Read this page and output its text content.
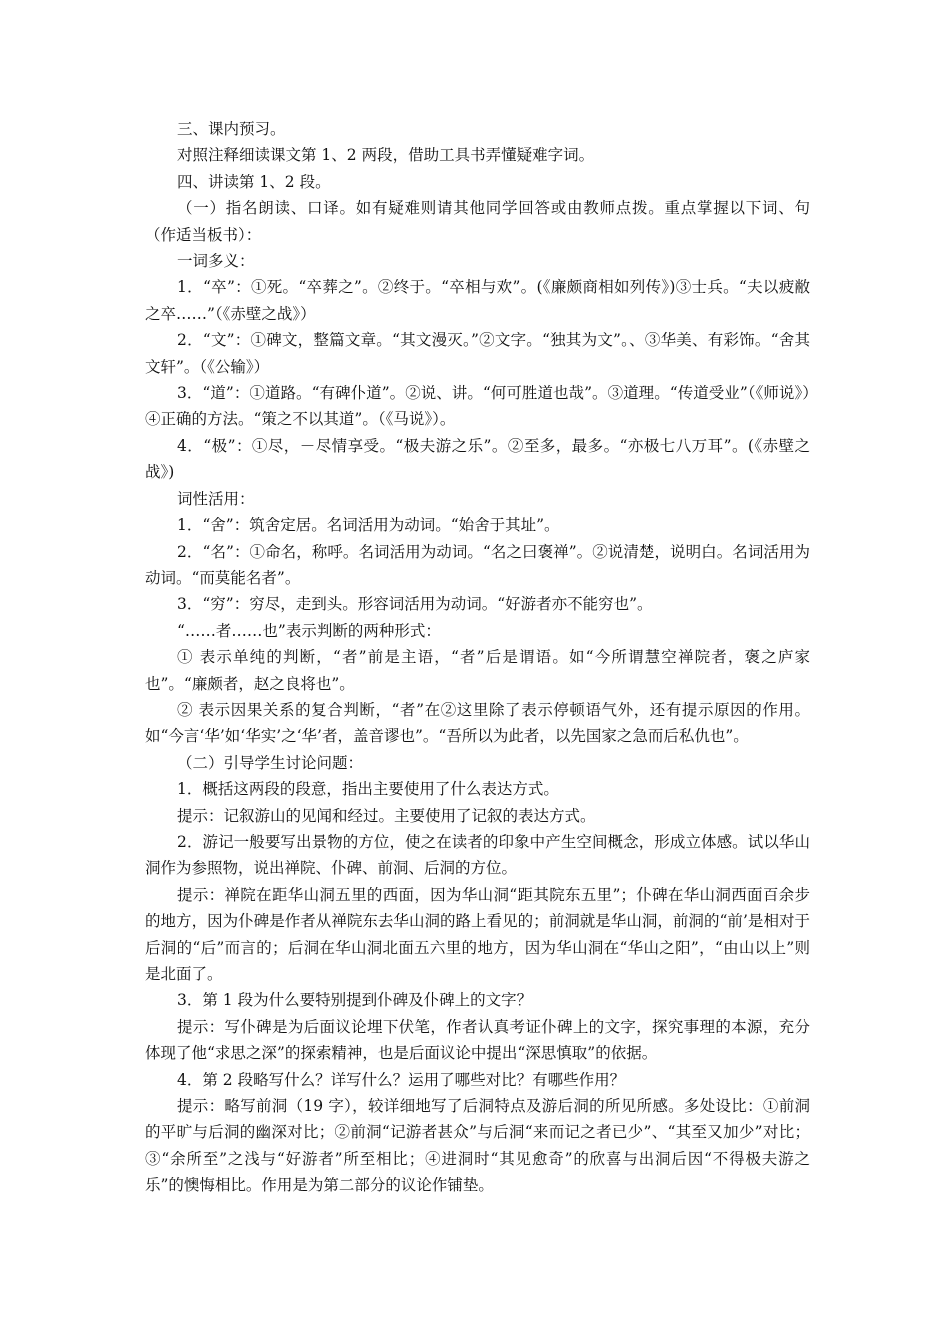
三、课内预习。

对照注释细读课文第 1、2 两段，借助工具书弄懂疑难字词。

四、讲读第 1、2 段。

（一）指名朗读、口译。如有疑难则请其他同学回答或由教师点拨。重点掌握以下词、句（作适当板书）：

一词多义：

1．“卒”：①死。“卒葬之”。②终于。“卒相与欢”。(《廉颇商相如列传》)③士兵。“夫以疲敝之卒……”（《赤壁之战》）

2．“文”：①碑文，整篇文章。“其文漫灭。”②文字。“独其为文”。、③华美、有彩饰。“舍其文轩”。（《公输》）

3．“道”：①道路。“有碑仆道”。②说、讲。“何可胜道也哉”。③道理。“传道受业”（《师说》）④正确的方法。“策之不以其道”。（《马说》）。

4．“极”：①尽，－尽情享受。“极夫游之乐”。②至多，最多。“亦极七八万耳”。(《赤壁之战》)

词性活用：

1．“舍”：筑舍定居。名词活用为动词。“始舍于其址”。

2．“名”：①命名，称呼。名词活用为动词。“名之曰褒禅”。②说清楚，说明白。名词活用为动词。“而莫能名者”。

3．“穷”：穷尽，走到头。形容词活用为动词。“好游者亦不能穷也”。

“……者……也”表示判断的两种形式：

① 表示单纯的判断，“者”前是主语，“者”后是谓语。如“今所谓慧空禅院者，褒之庐家也”。“廉颇者，赵之良将也”。

② 表示因果关系的复合判断，“者”在②这里除了表示停顿语气外，还有提示原因的作用。如“今言‘华’如‘华实’之‘华’者，盖音谬也”。“吾所以为此者，以先国家之急而后私仇也”。

（二）引导学生讨论问题：

1．概括这两段的段意，指出主要使用了什么表达方式。

提示：记叙游山的见闻和经过。主要使用了记叙的表达方式。

2．游记一般要写出景物的方位，使之在读者的印象中产生空间概念，形成立体感。试以华山洞作为参照物，说出禅院、仆碑、前洞、后洞的方位。

提示：禅院在距华山洞五里的西面，因为华山洞“距其院东五里”；仆碑在华山洞西面百余步的地方，因为仆碑是作者从禅院东去华山洞的路上看见的；前洞就是华山洞，前洞的“前’是相对于后洞的“后”而言的；后洞在华山洞北面五六里的地方，因为华山洞在“华山之阳”，“由山以上”则是北面了。

3．第 1 段为什么要特别提到仆碑及仆碑上的文字？

提示：写仆碑是为后面议论埋下伏笔，作者认真考证仆碑上的文字，探究事理的本源，充分体现了他“求思之深”的探索精神，也是后面议论中提出“深思慎取”的依据。

4．第 2 段略写什么？详写什么？运用了哪些对比？有哪些作用？

提示：略写前洞（19 字），较详细地写了后洞特点及游后洞的所见所感。多处设比：①前洞的平旷与后洞的幽深对比；②前洞“记游者甚众”与后洞“来而记之者已少”、“其至又加少”对比；③“余所至”之浅与“好游者”所至相比；④进洞时“其见愈奇”的欣喜与出洞后因“不得极夫游之乐”的懊悔相比。作用是为第二部分的议论作铺垫。
